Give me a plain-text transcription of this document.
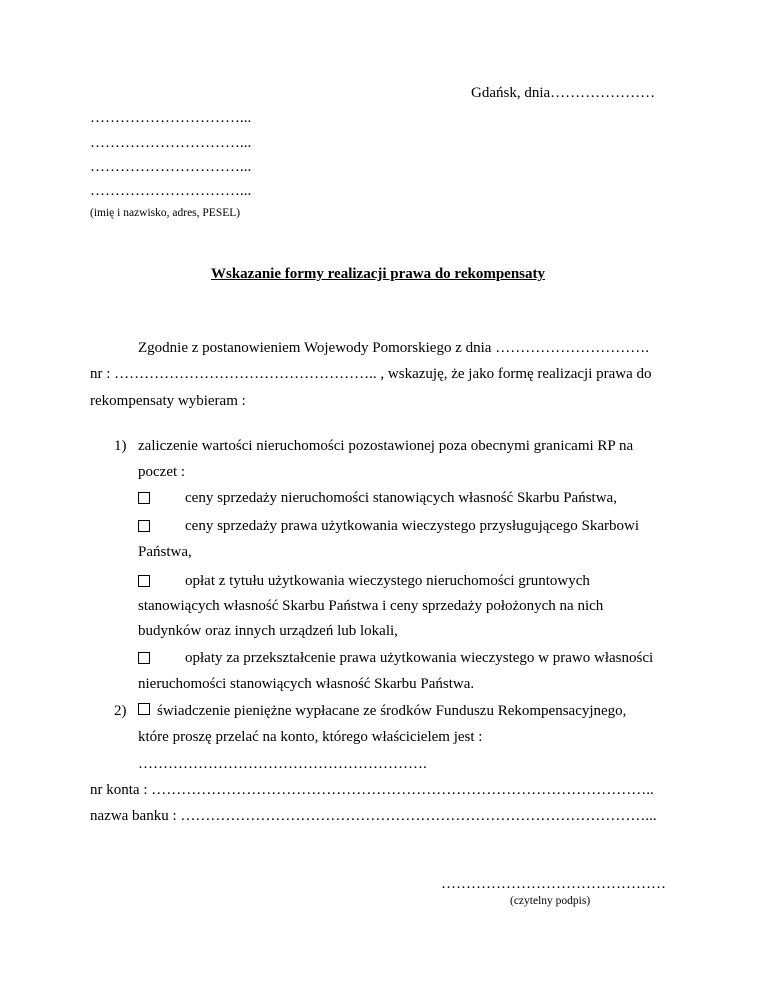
Gdańsk, dnia…………………
…………………………...
…………………………...
…………………………...
…………………………...
(imię i nazwisko, adres, PESEL)
Wskazanie formy realizacji prawa do rekompensaty
Zgodnie z postanowieniem Wojewody Pomorskiego z dnia ………………………….
nr : …………………………………………….. , wskazuję, że jako formę realizacji prawa do
rekompensaty wybieram :
1) zaliczenie wartości nieruchomości pozostawionej poza obecnymi granicami RP na
poczet :
ceny sprzedaży nieruchomości stanowiących własność Skarbu Państwa,
ceny sprzedaży prawa użytkowania wieczystego przysługującego Skarbowi
Państwa,
opłat z tytułu użytkowania wieczystego nieruchomości gruntowych
stanowiących własność Skarbu Państwa i ceny sprzedaży położonych na nich
budynków oraz innych urządzeń lub lokali,
opłaty za przekształcenie prawa użytkowania wieczystego w prawo własności
nieruchomości stanowiących własność Skarbu Państwa.
2) świadczenie pieniężne wypłacane ze środków Funduszu Rekompensacyjnego,
które proszę przelać na konto, którego właścicielem jest :
………………………………………………….
nr konta : ………………………………………………………………………………………..
nazwa banku : …………………………………………………………………………………...
………………………………………
(czytelny podpis)
